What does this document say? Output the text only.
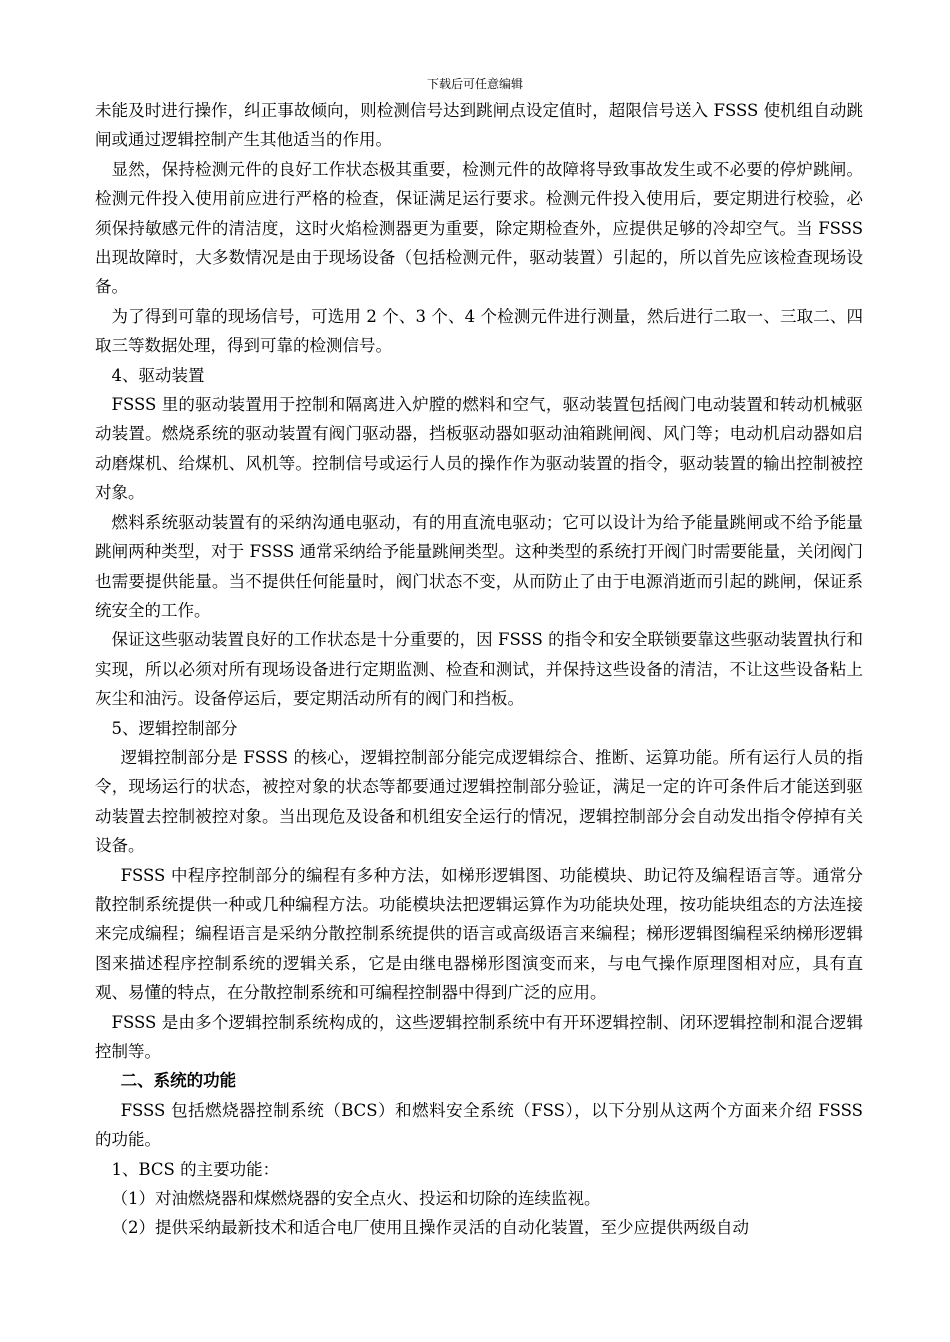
下载后可任意编辑

未能及时进行操作，纠正事故倾向，则检测信号达到跳闸点设定值时，超限信号送入 FSSS 使机组自动跳闸或通过逻辑控制产生其他适当的作用。

显然，保持检测元件的良好工作状态极其重要，检测元件的故障将导致事故发生或不必要的停炉跳闸。检测元件投入使用前应进行严格的检查，保证满足运行要求。检测元件投入使用后，要定期进行校验，必须保持敏感元件的清洁度，这时火焰检测器更为重要，除定期检查外，应提供足够的冷却空气。当 FSSS 出现故障时，大多数情况是由于现场设备（包括检测元件，驱动装置）引起的，所以首先应该检查现场设备。

为了得到可靠的现场信号，可选用 2 个、3 个、4 个检测元件进行测量，然后进行二取一、三取二、四取三等数据处理，得到可靠的检测信号。

4、驱动装置

FSSS 里的驱动装置用于控制和隔离进入炉膛的燃料和空气，驱动装置包括阀门电动装置和转动机械驱动装置。燃烧系统的驱动装置有阀门驱动器，挡板驱动器如驱动油箱跳闸阀、风门等；电动机启动器如启动磨煤机、给煤机、风机等。控制信号或运行人员的操作作为驱动装置的指令，驱动装置的输出控制被控对象。

燃料系统驱动装置有的采纳沟通电驱动，有的用直流电驱动；它可以设计为给予能量跳闸或不给予能量跳闸两种类型，对于 FSSS 通常采纳给予能量跳闸类型。这种类型的系统打开阀门时需要能量，关闭阀门也需要提供能量。当不提供任何能量时，阀门状态不变，从而防止了由于电源消逝而引起的跳闸，保证系统安全的工作。

保证这些驱动装置良好的工作状态是十分重要的，因 FSSS 的指令和安全联锁要靠这些驱动装置执行和实现，所以必须对所有现场设备进行定期监测、检查和测试，并保持这些设备的清洁，不让这些设备粘上灰尘和油污。设备停运后，要定期活动所有的阀门和挡板。

5、逻辑控制部分

逻辑控制部分是 FSSS 的核心，逻辑控制部分能完成逻辑综合、推断、运算功能。所有运行人员的指令，现场运行的状态，被控对象的状态等都要通过逻辑控制部分验证，满足一定的许可条件后才能送到驱动装置去控制被控对象。当出现危及设备和机组安全运行的情况，逻辑控制部分会自动发出指令停掉有关设备。

FSSS 中程序控制部分的编程有多种方法，如梯形逻辑图、功能模块、助记符及编程语言等。通常分散控制系统提供一种或几种编程方法。功能模块法把逻辑运算作为功能块处理，按功能块组态的方法连接来完成编程；编程语言是采纳分散控制系统提供的语言或高级语言来编程；梯形逻辑图编程采纳梯形逻辑图来描述程序控制系统的逻辑关系，它是由继电器梯形图演变而来，与电气操作原理图相对应，具有直观、易懂的特点，在分散控制系统和可编程控制器中得到广泛的应用。

FSSS 是由多个逻辑控制系统构成的，这些逻辑控制系统中有开环逻辑控制、闭环逻辑控制和混合逻辑控制等。

二、系统的功能

FSSS 包括燃烧器控制系统（BCS）和燃料安全系统（FSS），以下分别从这两个方面来介绍 FSSS 的功能。

1、BCS 的主要功能：

（1）对油燃烧器和煤燃烧器的安全点火、投运和切除的连续监视。

（2）提供采纳最新技术和适合电厂使用且操作灵活的自动化装置，至少应提供两级自动
